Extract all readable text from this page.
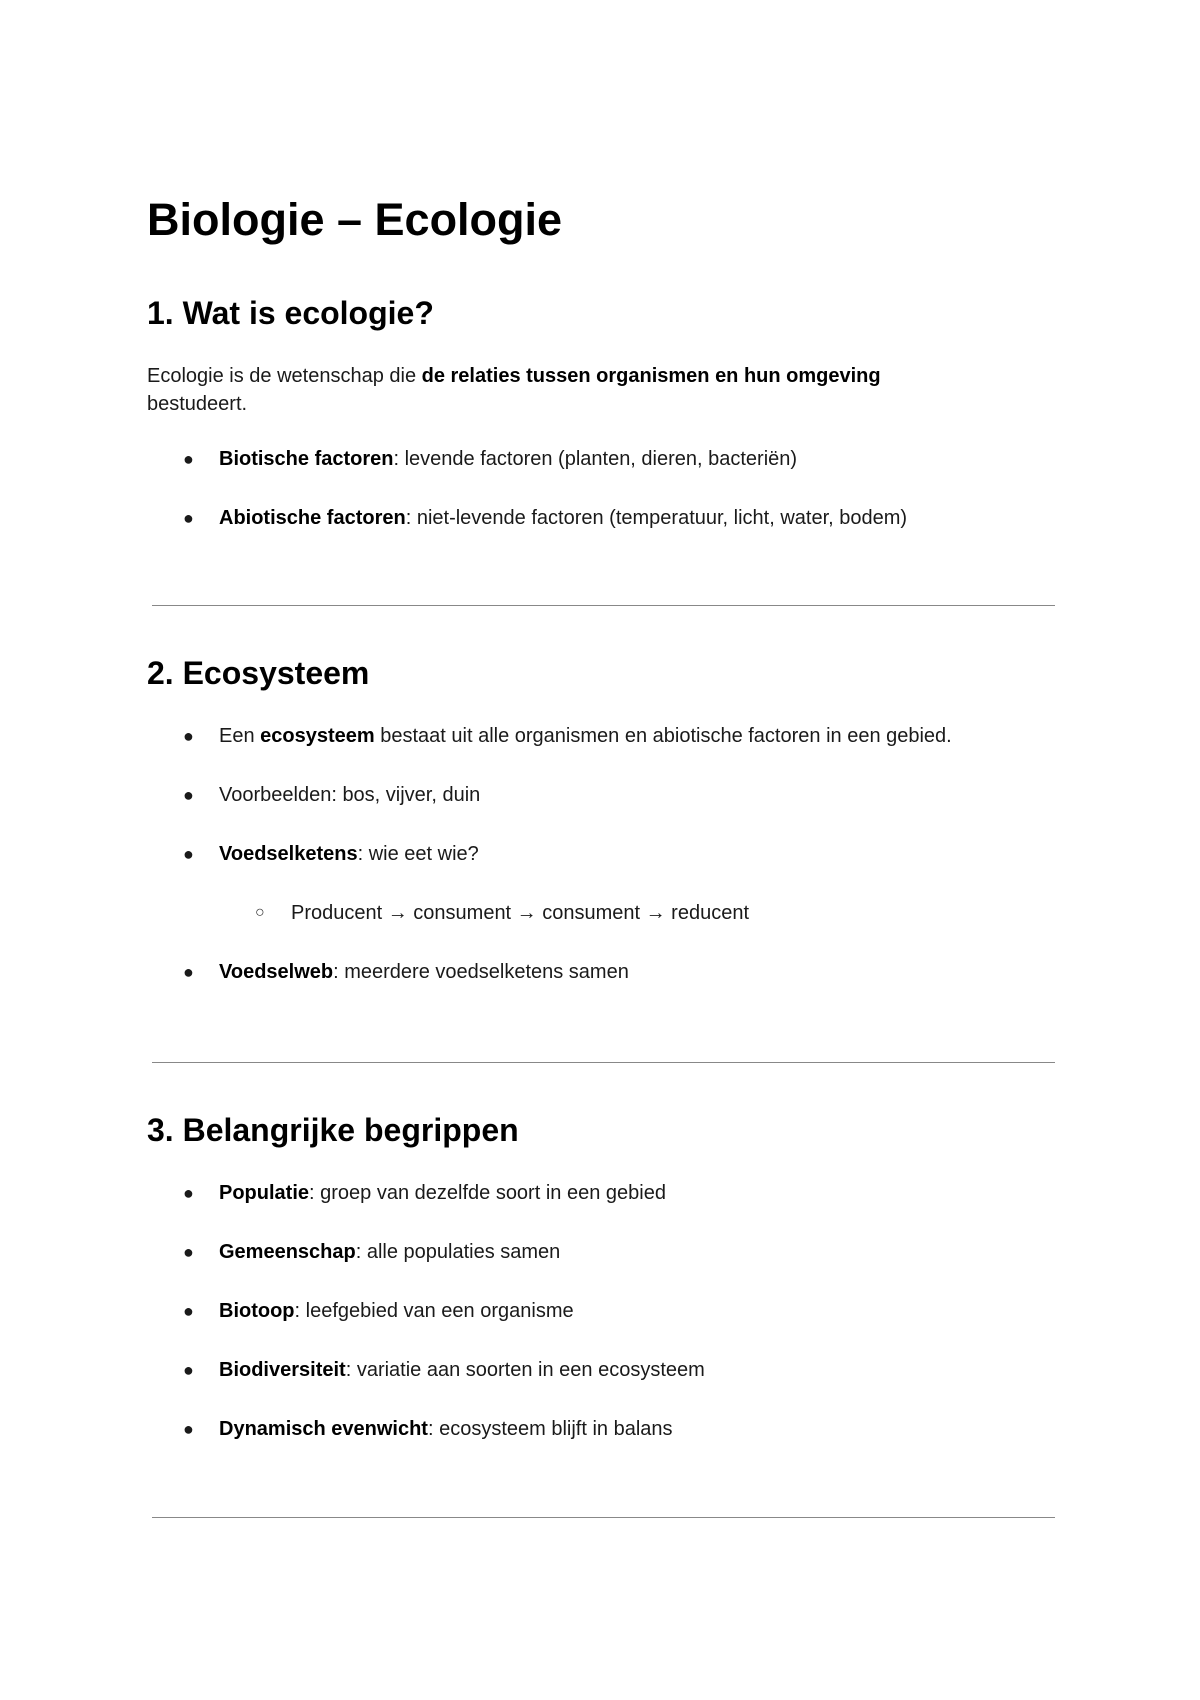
Biologie – Ecologie
1. Wat is ecologie?

Ecologie is de wetenschap die de relaties tussen organismen en hun omgeving
bestudeert.

●	Biotische factoren: levende factoren (planten, dieren, bacteriën)
●	Abiotische factoren: niet-levende factoren (temperatuur, licht, water, bodem)
2. Ecosysteem
●	Een ecosysteem bestaat uit alle organismen en abiotische factoren in een gebied.
●	Voorbeelden: bos, vijver, duin
●	Voedselketens: wie eet wie?
○	Producent → consument → consument → reducent
●	Voedselweb: meerdere voedselketens samen
3. Belangrijke begrippen
●	Populatie: groep van dezelfde soort in een gebied
●	Gemeenschap: alle populaties samen
●	Biotoop: leefgebied van een organisme
●	Biodiversiteit: variatie aan soorten in een ecosysteem
●	Dynamisch evenwicht: ecosysteem blijft in balans
